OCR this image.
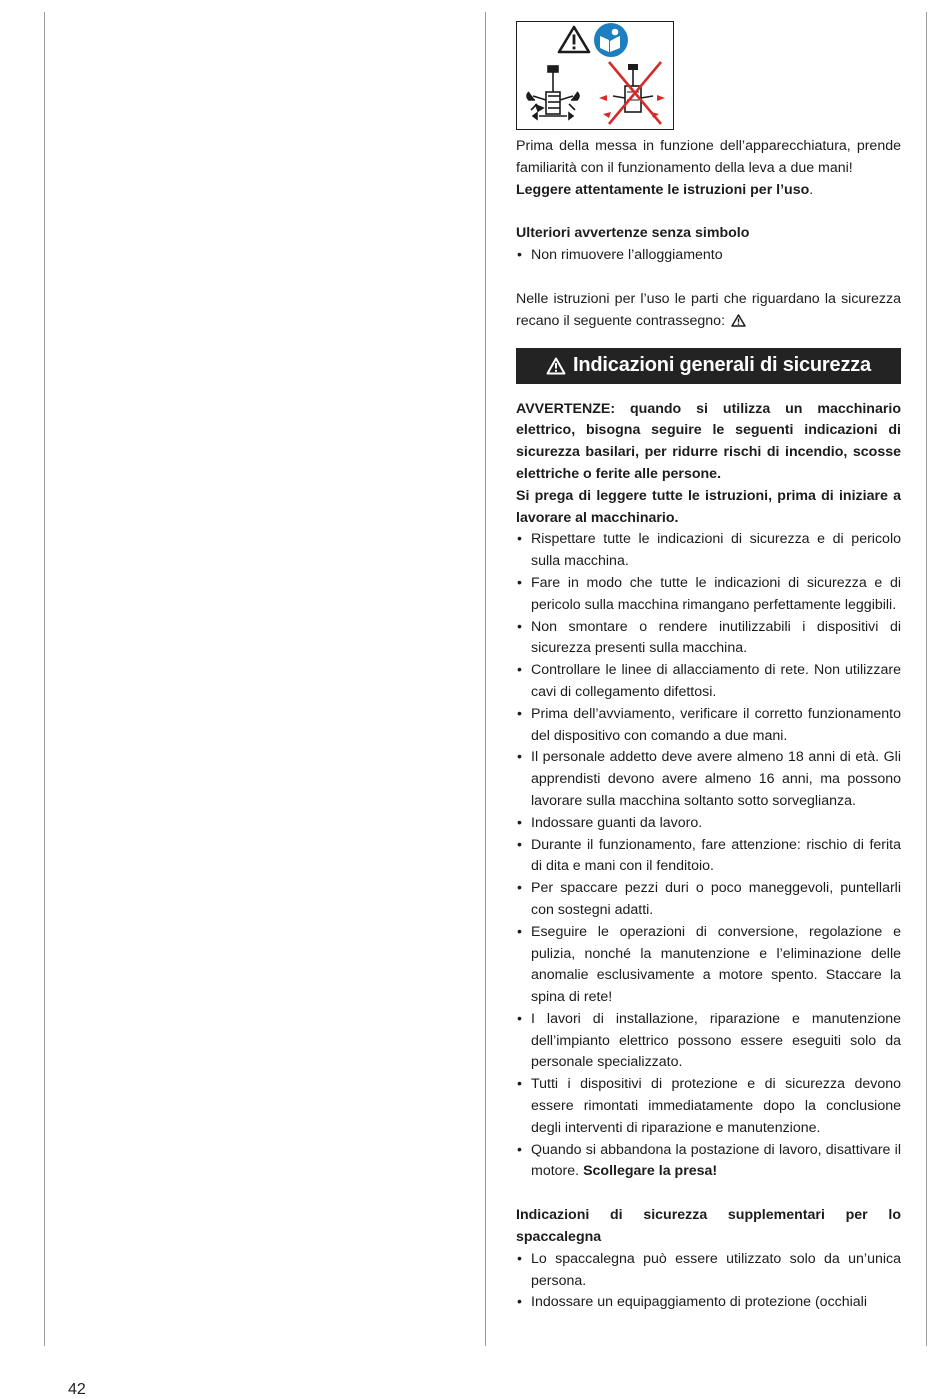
42

Prima della messa in funzione dell’apparecchiatura, prende familiarità con il funzionamento della leva a due mani!
Leggere attentamente le istruzioni per l’uso.

Ulteriori avvertenze senza simbolo

• Non rimuovere l’alloggiamento

Nelle istruzioni per l’uso le parti che riguardano la sicurezza recano il seguente contrassegno:

Indicazioni generali di sicurezza

AVVERTENZE: quando si utilizza un macchinario elettrico, bisogna seguire le seguenti indicazioni di sicurezza basilari, per ridurre rischi di incendio, scosse elettriche o ferite alle persone.

Si prega di leggere tutte le istruzioni, prima di iniziare a lavorare al macchinario.

• Rispettare tutte le indicazioni di sicurezza e di pericolo sulla macchina.
• Fare in modo che tutte le indicazioni di sicurezza e di pericolo sulla macchina rimangano perfettamente leggibili.
• Non smontare o rendere inutilizzabili i dispositivi di sicurezza presenti sulla macchina.
• Controllare le linee di allacciamento di rete. Non utilizzare cavi di collegamento difettosi.
• Prima dell’avviamento, verificare il corretto funzionamento del dispositivo con comando a due mani.
• Il personale addetto deve avere almeno 18 anni di età. Gli apprendisti devono avere almeno 16 anni, ma possono lavorare sulla macchina soltanto sotto sorveglianza.
• Indossare guanti da lavoro.
• Durante il funzionamento, fare attenzione: rischio di ferita di dita e mani con il fenditoio.
• Per spaccare pezzi duri o poco maneggevoli, puntellarli con sostegni adatti.
• Eseguire le operazioni di conversione, regolazione e pulizia, nonché la manutenzione e l’eliminazione delle anomalie esclusivamente a motore spento. Staccare la spina di rete!
• I lavori di installazione, riparazione e manutenzione dell’impianto elettrico possono essere eseguiti solo da personale specializzato.
• Tutti i dispositivi di protezione e di sicurezza devono essere rimontati immediatamente dopo la conclusione degli interventi di riparazione e manutenzione.
• Quando si abbandona la postazione di lavoro, disattivare il motore. Scollegare la presa!

Indicazioni di sicurezza supplementari per lo spaccalegna

• Lo spaccalegna può essere utilizzato solo da un’unica persona.
• Indossare un equipaggiamento di protezione (occhiali
